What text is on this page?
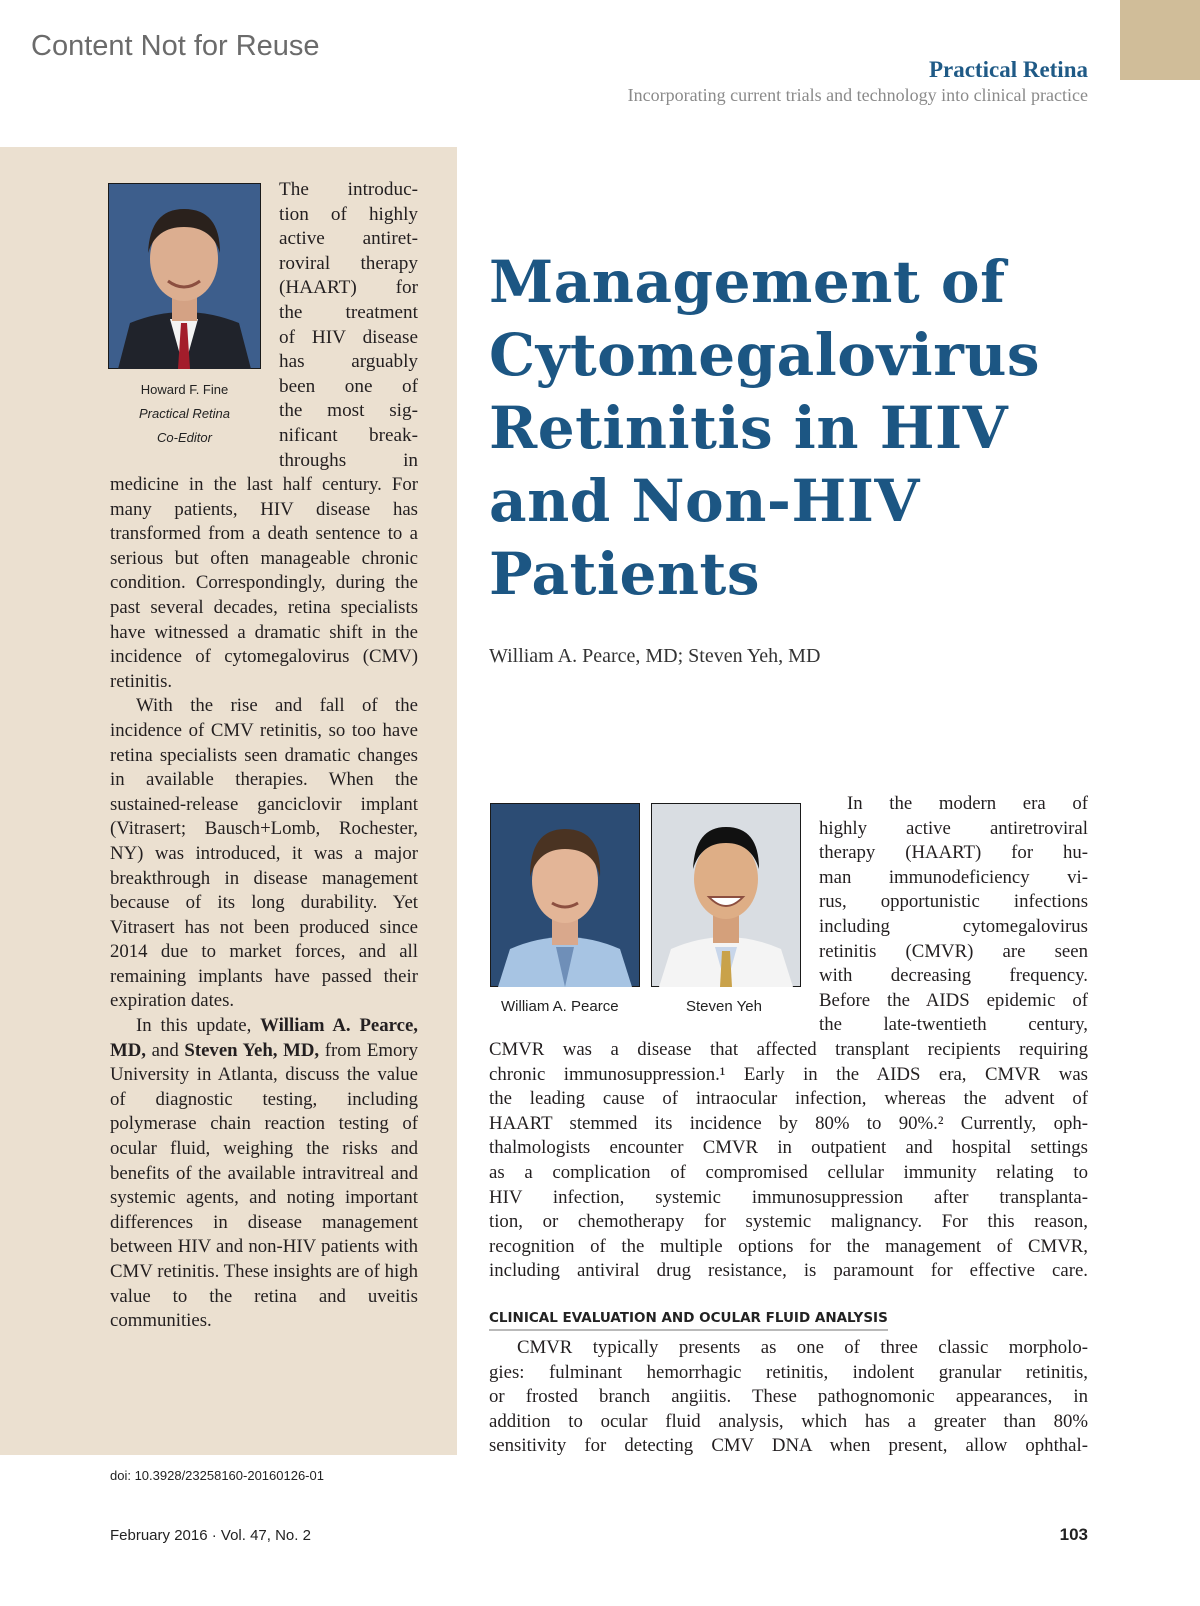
Content Not for Reuse
Practical Retina
Incorporating current trials and technology into clinical practice
Howard F. Fine
Practical Retina
Co-Editor
The introduc-
tion of highly
active antiret-
roviral therapy
(HAART) for
the treatment
of HIV disease
has arguably
been one of
the most sig-
nificant break-
throughs in

medicine in the last half century. For many patients, HIV disease has transformed from a death sentence to a serious but often manageable chronic condition. Correspondingly, during the past several decades, retina specialists have witnessed a dramatic shift in the incidence of cytomegalovirus (CMV) retinitis.

With the rise and fall of the incidence of CMV retinitis, so too have retina specialists seen dramatic changes in available therapies. When the sustained-release ganciclovir implant (Vitrasert; Bausch+Lomb, Rochester, NY) was introduced, it was a major breakthrough in disease management because of its long durability. Yet Vitrasert has not been produced since 2014 due to market forces, and all remaining implants have passed their expiration dates.

In this update, William A. Pearce, MD, and Steven Yeh, MD, from Emory University in Atlanta, discuss the value of diagnostic testing, including polymerase chain reaction testing of ocular fluid, weighing the risks and benefits of the available intravitreal and systemic agents, and noting important differences in disease management between HIV and non-HIV patients with CMV retinitis. These insights are of high value to the retina and uveitis communities.

Management of Cytomegalovirus Retinitis in HIV and Non-HIV Patients
William A. Pearce, MD; Steven Yeh, MD
William A. Pearce	Steven Yeh
In the modern era of
highly active antiretroviral
therapy (HAART) for hu-
man immunodeficiency vi-
rus, opportunistic infections
including cytomegalovirus
retinitis (CMVR) are seen
with decreasing frequency.
Before the AIDS epidemic of
the late-twentieth century,
CMVR was a disease that affected transplant recipients requiring
chronic immunosuppression.¹ Early in the AIDS era, CMVR was
the leading cause of intraocular infection, whereas the advent of
HAART stemmed its incidence by 80% to 90%.² Currently, oph-
thalmologists encounter CMVR in outpatient and hospital settings
as a complication of compromised cellular immunity relating to
HIV infection, systemic immunosuppression after transplanta-
tion, or chemotherapy for systemic malignancy. For this reason,
recognition of the multiple options for the management of CMVR,
including antiviral drug resistance, is paramount for effective care.
CLINICAL EVALUATION AND OCULAR FLUID ANALYSIS
CMVR typically presents as one of three classic morpholo-
gies: fulminant hemorrhagic retinitis, indolent granular retinitis,
or frosted branch angiitis. These pathognomonic appearances, in
addition to ocular fluid analysis, which has a greater than 80%
sensitivity for detecting CMV DNA when present, allow ophthal-
doi: 10.3928/23258160-20160126-01
February 2016 · Vol. 47, No. 2	103
